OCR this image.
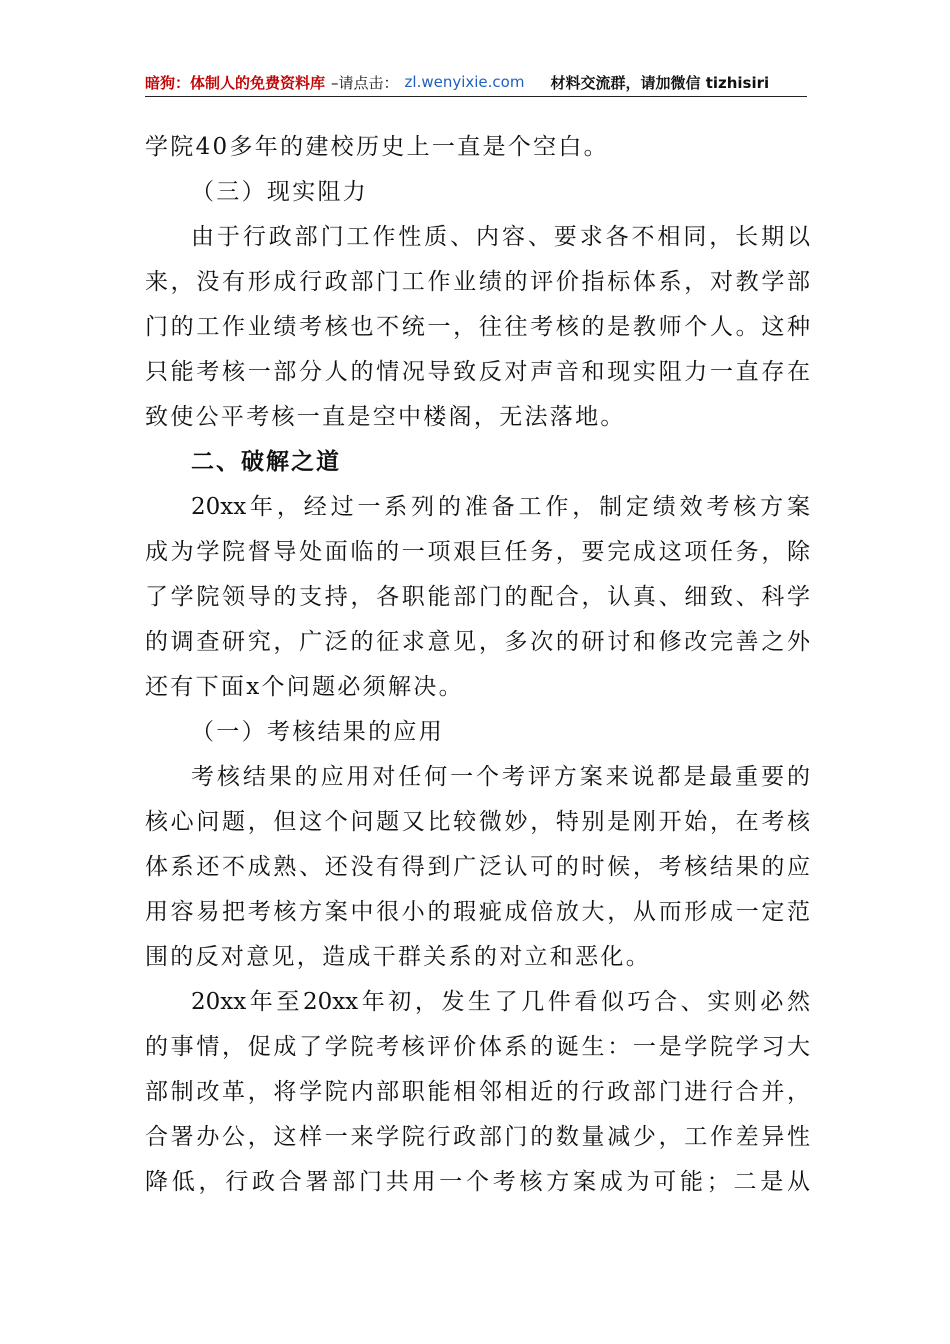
暗狗：体制人的免费资料库 –请点击： zl.wenyixie.com 材料交流群，请加微信 tizhisiri
学院40多年的建校历史上一直是个空白。
（三）现实阻力
由于行政部门工作性质、内容、要求各不相同，长期以
来，没有形成行政部门工作业绩的评价指标体系，对教学部
门的工作业绩考核也不统一，往往考核的是教师个人。这种
只能考核一部分人的情况导致反对声音和现实阻力一直存在
致使公平考核一直是空中楼阁，无法落地。
二、破解之道
20xx年，经过一系列的准备工作，制定绩效考核方案
成为学院督导处面临的一项艰巨任务，要完成这项任务，除
了学院领导的支持，各职能部门的配合，认真、细致、科学
的调查研究，广泛的征求意见，多次的研讨和修改完善之外
还有下面x个问题必须解决。
（一）考核结果的应用
考核结果的应用对任何一个考评方案来说都是最重要的
核心问题，但这个问题又比较微妙，特别是刚开始，在考核
体系还不成熟、还没有得到广泛认可的时候，考核结果的应
用容易把考核方案中很小的瑕疵成倍放大，从而形成一定范
围的反对意见，造成干群关系的对立和恶化。
20xx年至20xx年初，发生了几件看似巧合、实则必然
的事情，促成了学院考核评价体系的诞生：一是学院学习大
部制改革，将学院内部职能相邻相近的行政部门进行合并，
合署办公，这样一来学院行政部门的数量减少，工作差异性
降低，行政合署部门共用一个考核方案成为可能；二是从
